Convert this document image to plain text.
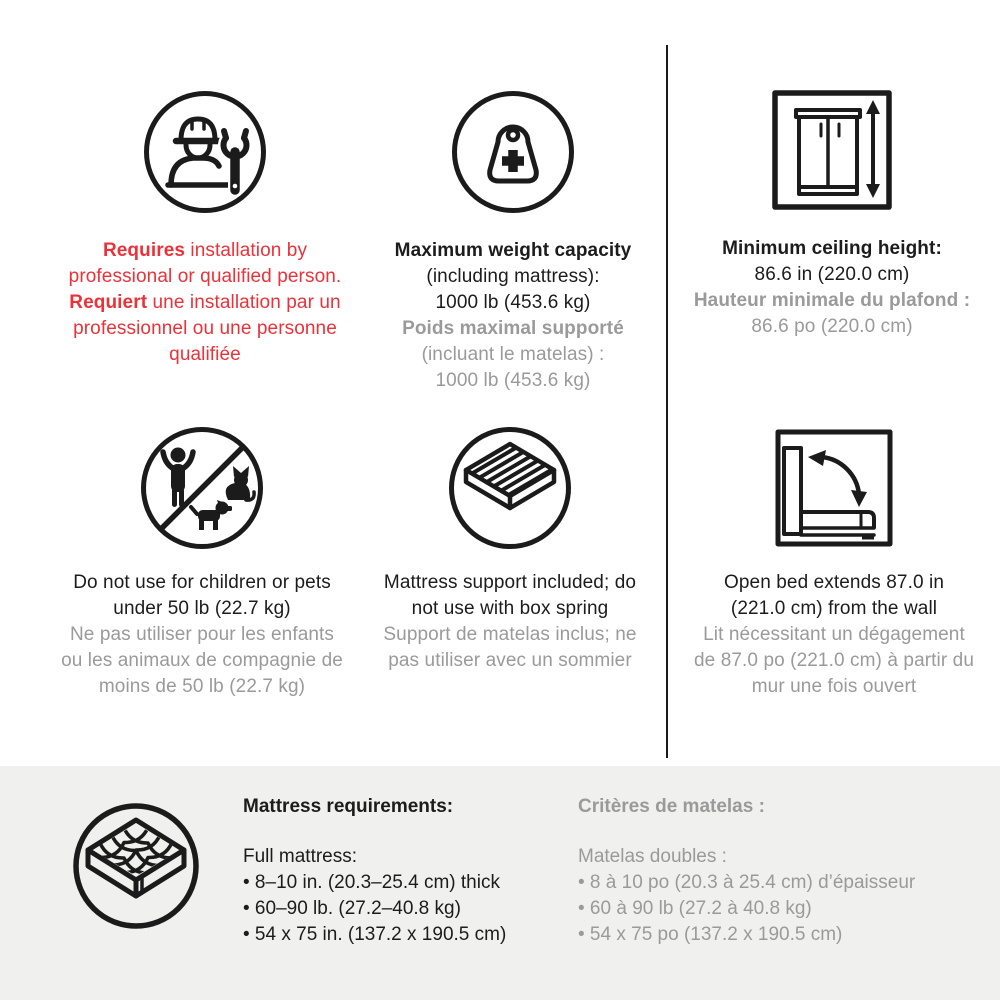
Requires installation by
professional or qualified person.
Requiert une installation par un
professionnel ou une personne
qualifiée
Maximum weight capacity
(including mattress):
1000 lb (453.6 kg)
Poids maximal supporté
(incluant le matelas) :
1000 lb (453.6 kg)
Minimum ceiling height:
86.6 in (220.0 cm)
Hauteur minimale du plafond :
86.6 po (220.0 cm)
Do not use for children or pets
under 50 lb (22.7 kg)
Ne pas utiliser pour les enfants
ou les animaux de compagnie de
moins de 50 lb (22.7 kg)
Mattress support included; do
not use with box spring
Support de matelas inclus; ne
pas utiliser avec un sommier
Open bed extends 87.0 in
(221.0 cm) from the wall
Lit nécessitant un dégagement
de 87.0 po (221.0 cm) à partir du
mur une fois ouvert
Mattress requirements:
Full mattress:
• 8–10 in. (20.3–25.4 cm) thick
• 60–90 lb. (27.2–40.8 kg)
• 54 x 75 in. (137.2 x 190.5 cm)
Critères de matelas :
Matelas doubles :
• 8 à 10 po (20.3 à 25.4 cm) d’épaisseur
• 60 à 90 lb (27.2 à 40.8 kg)
• 54 x 75 po (137.2 x 190.5 cm)
